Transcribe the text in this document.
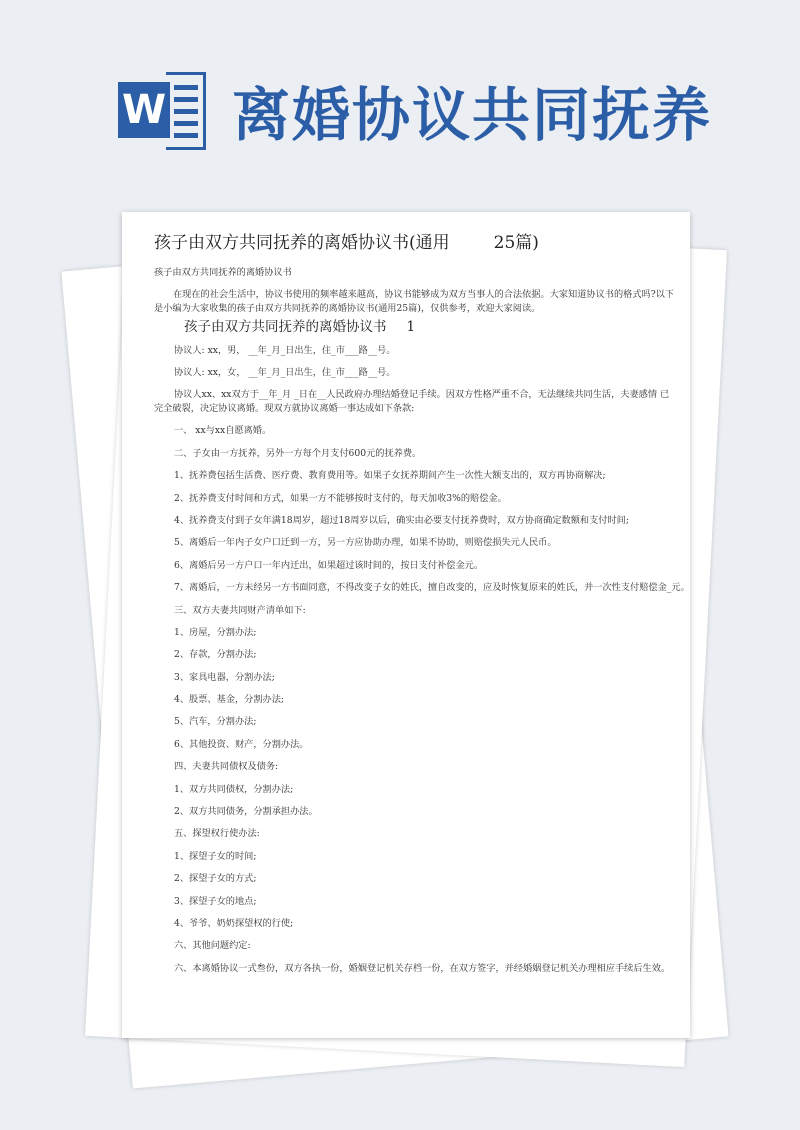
W 离婚协议共同抚养
孩子由双方共同抚养的离婚协议书(通用	25篇)

孩子由双方共同抚养的离婚协议书

在现在的社会生活中，协议书使用的频率越来越高，协议书能够成为双方当事人的合法依据。大家知道协议书的格式吗?以下是小编为大家收集的孩子由双方共同抚养的离婚协议书(通用25篇)，仅供参考，欢迎大家阅读。

孩子由双方共同抚养的离婚协议书 1

协议人: xx，男， __年_月_日出生，住_市___路__号。

协议人: xx，女， __年_月_日出生，住_市___路__号。

协议人xx、xx双方于__年_月 _日在__人民政府办理结婚登记手续。因双方性格严重不合，无法继续共同生活，夫妻感情 已完全破裂，决定协议离婚。现双方就协议离婚一事达成如下条款:

一、 xx与xx自愿离婚。

二、子女由一方抚养，另外一方每个月支付600元的抚养费。

1、抚养费包括生活费、医疗费、教育费用等。如果子女抚养期间产生一次性大额支出的，双方再协商解决;

2、抚养费支付时间和方式，如果一方不能够按时支付的，每天加收3%的赔偿金。

4、抚养费支付到子女年满18周岁，超过18周岁以后，确实由必要支付抚养费时，双方协商确定数额和支付时间;

5、离婚后一年内子女户口迁到一方，另一方应协助办理，如果不协助，则赔偿损失元人民币。

6、离婚后另一方户口一年内迁出，如果超过该时间的，按日支付补偿金元。

7、离婚后，一方未经另一方书面同意，不得改变子女的姓氏，擅自改变的，应及时恢复原来的姓氏，并一次性支付赔偿金_元。

三、双方夫妻共同财产清单如下:

1、房屋，分割办法;

2、存款，分割办法;

3、家具电器，分割办法;

4、股票、基金，分割办法;

5、汽车，分割办法;

6、其他投资、财产，分割办法。

四、夫妻共同债权及债务:

1、双方共同债权，分割办法;

2、双方共同债务，分割承担办法。

五、探望权行使办法:

1、探望子女的时间;

2、探望子女的方式;

3、探望子女的地点;

4、爷爷、奶奶探望权的行使;

六、其他问题约定:

六、本离婚协议一式叁份，双方各执一份，婚姻登记机关存档一份，在双方签字，并经婚姻登记机关办理相应手续后生效。
